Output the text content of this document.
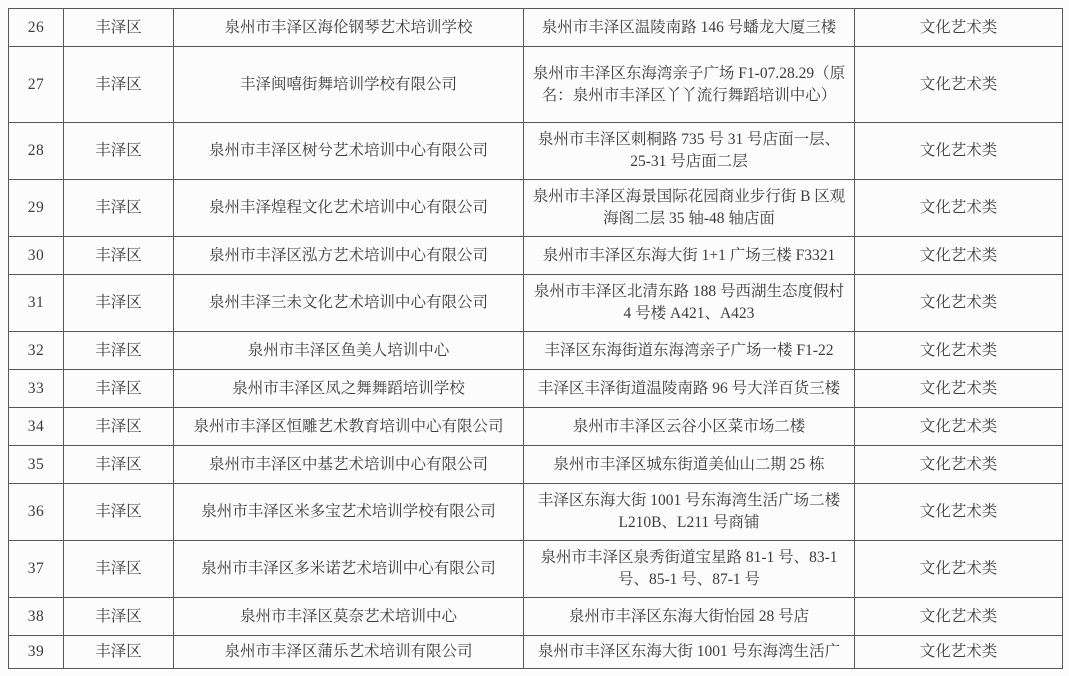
26	丰泽区	泉州市丰泽区海伦钢琴艺术培训学校	泉州市丰泽区温陵南路 146 号蟠龙大厦三楼	文化艺术类
27	丰泽区	丰泽闽嘻街舞培训学校有限公司	泉州市丰泽区东海湾亲子广场 F1-07.28.29（原名：泉州市丰泽区丫丫流行舞蹈培训中心）	文化艺术类
28	丰泽区	泉州市丰泽区树兮艺术培训中心有限公司	泉州市丰泽区刺桐路 735 号 31 号店面一层、25-31 号店面二层	文化艺术类
29	丰泽区	泉州丰泽煌程文化艺术培训中心有限公司	泉州市丰泽区海景国际花园商业步行街 B 区观海阁二层 35 轴-48 轴店面	文化艺术类
30	丰泽区	泉州市丰泽区泓方艺术培训中心有限公司	泉州市丰泽区东海大街 1+1 广场三楼 F3321	文化艺术类
31	丰泽区	泉州丰泽三未文化艺术培训中心有限公司	泉州市丰泽区北清东路 188 号西湖生态度假村 4 号楼 A421、A423	文化艺术类
32	丰泽区	泉州市丰泽区鱼美人培训中心	丰泽区东海街道东海湾亲子广场一楼 F1-22	文化艺术类
33	丰泽区	泉州市丰泽区凤之舞舞蹈培训学校	丰泽区丰泽街道温陵南路 96 号大洋百货三楼	文化艺术类
34	丰泽区	泉州市丰泽区恒雕艺术教育培训中心有限公司	泉州市丰泽区云谷小区菜市场二楼	文化艺术类
35	丰泽区	泉州市丰泽区中基艺术培训中心有限公司	泉州市丰泽区城东街道美仙山二期 25 栋	文化艺术类
36	丰泽区	泉州市丰泽区米多宝艺术培训学校有限公司	丰泽区东海大街 1001 号东海湾生活广场二楼 L210B、L211 号商铺	文化艺术类
37	丰泽区	泉州市丰泽区多米诺艺术培训中心有限公司	泉州市丰泽区泉秀街道宝星路 81-1 号、83-1 号、85-1 号、87-1 号	文化艺术类
38	丰泽区	泉州市丰泽区莫奈艺术培训中心	泉州市丰泽区东海大街怡园 28 号店	文化艺术类
39	丰泽区	泉州市丰泽区蒲乐艺术培训有限公司	泉州市丰泽区东海大街 1001 号东海湾生活广	文化艺术类
